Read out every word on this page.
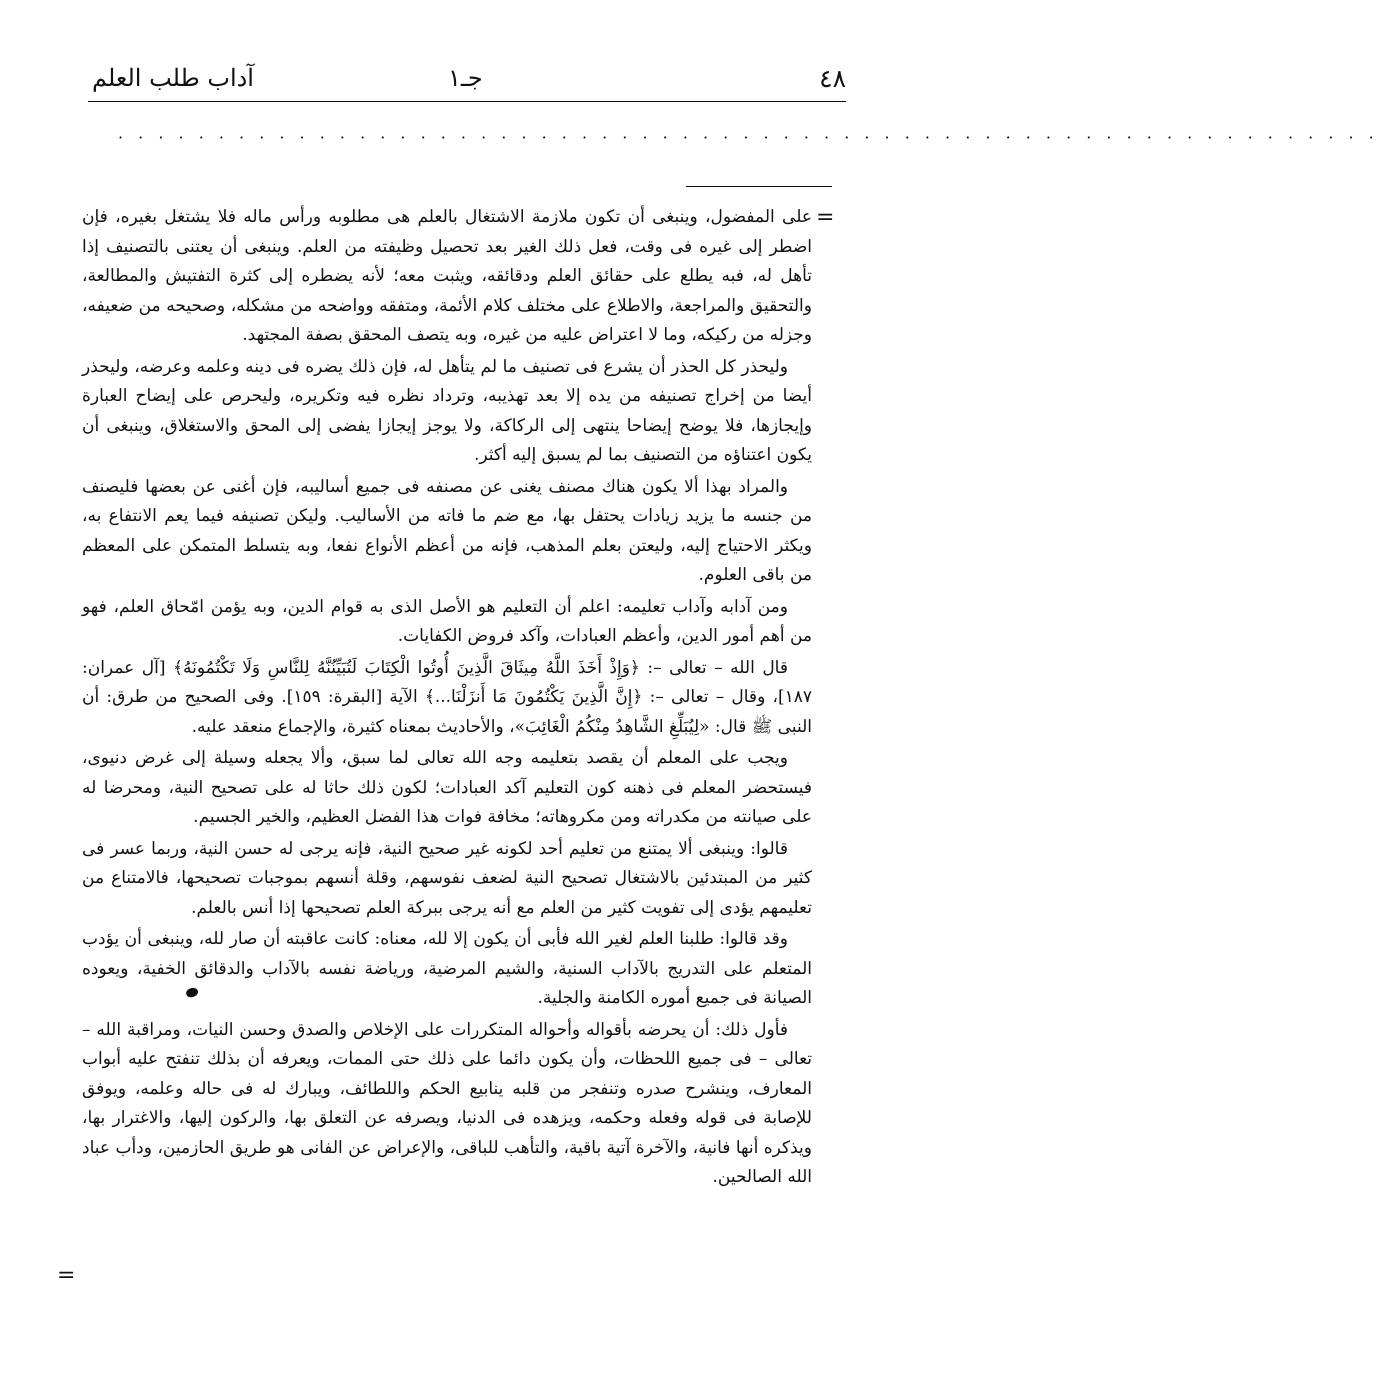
آداب طلب العلم	جـ١	٤٨
· · · · · · · · · · · · · · · · · · · · · · · · · · · · · · · · · · · · · · · · · · · · · · · · · · · · · · · · · · · · · · ·
=
=

على المفضول، وينبغى أن تكون ملازمة الاشتغال بالعلم هى مطلوبه ورأس ماله فلا يشتغل بغيره، فإن اضطر إلى غيره فى وقت، فعل ذلك الغير بعد تحصيل وظيفته من العلم. وينبغى أن يعتنى بالتصنيف إذا تأهل له، فبه يطلع على حقائق العلم ودقائقه، ويثبت معه؛ لأنه يضطره إلى كثرة التفتيش والمطالعة، والتحقيق والمراجعة، والاطلاع على مختلف كلام الأئمة، ومتفقه وواضحه من مشكله، وصحيحه من ضعيفه، وجزله من ركيكه، وما لا اعتراض عليه من غيره، وبه يتصف المحقق بصفة المجتهد.

وليحذر كل الحذر أن يشرع فى تصنيف ما لم يتأهل له، فإن ذلك يضره فى دينه وعلمه وعرضه، وليحذر أيضا من إخراج تصنيفه من يده إلا بعد تهذيبه، وترداد نظره فيه وتكريره، وليحرص على إيضاح العبارة وإيجازها، فلا يوضح إيضاحا ينتهى إلى الركاكة، ولا يوجز إيجازا يفضى إلى المحق والاستغلاق، وينبغى أن يكون اعتناؤه من التصنيف بما لم يسبق إليه أكثر.

والمراد بهذا ألا يكون هناك مصنف يغنى عن مصنفه فى جميع أساليبه، فإن أغنى عن بعضها فليصنف من جنسه ما يزيد زيادات يحتفل بها، مع ضم ما فاته من الأساليب. وليكن تصنيفه فيما يعم الانتفاع به، ويكثر الاحتياج إليه، وليعتن بعلم المذهب، فإنه من أعظم الأنواع نفعا، وبه يتسلط المتمكن على المعظم من باقى العلوم.

ومن آدابه وآداب تعليمه: اعلم أن التعليم هو الأصل الذى به قوام الدين، وبه يؤمن امّحاق العلم، فهو من أهم أمور الدين، وأعظم العبادات، وآكد فروض الكفايات.

قال الله – تعالى –: ﴿وَإِذْ أَخَذَ اللَّهُ مِيثَاقَ الَّذِينَ أُوتُوا الْكِتَابَ لَتُبَيِّنُنَّهُ لِلنَّاسِ وَلَا تَكْتُمُونَهُ﴾ [آل عمران: ١٨٧]، وقال – تعالى –: ﴿إِنَّ الَّذِينَ يَكْتُمُونَ مَا أَنزَلْنَا...﴾ الآية [البقرة: ١٥٩]. وفى الصحيح من طرق: أن النبى ﷺ قال: «لِيُبَلِّغِ الشَّاهِدُ مِنْكُمُ الْغَائِبَ»، والأحاديث بمعناه كثيرة، والإجماع منعقد عليه.

ويجب على المعلم أن يقصد بتعليمه وجه الله تعالى لما سبق، وألا يجعله وسيلة إلى غرض دنيوى، فيستحضر المعلم فى ذهنه كون التعليم آكد العبادات؛ لكون ذلك حاثا له على تصحيح النية، ومحرضا له على صيانته من مكدراته ومن مكروهاته؛ مخافة فوات هذا الفضل العظيم، والخير الجسيم.

قالوا: وينبغى ألا يمتنع من تعليم أحد لكونه غير صحيح النية، فإنه يرجى له حسن النية، وربما عسر فى كثير من المبتدئين بالاشتغال تصحيح النية لضعف نفوسهم، وقلة أنسهم بموجبات تصحيحها، فالامتناع من تعليمهم يؤدى إلى تفويت كثير من العلم مع أنه يرجى ببركة العلم تصحيحها إذا أنس بالعلم.

وقد قالوا: طلبنا العلم لغير الله فأبى أن يكون إلا لله، معناه: كانت عاقبته أن صار لله، وينبغى أن يؤدب المتعلم على التدريج بالآداب السنية، والشيم المرضية، ورياضة نفسه بالآداب والدقائق الخفية، ويعوده الصيانة فى جميع أموره الكامنة والجلية.

فأول ذلك: أن يحرضه بأقواله وأحواله المتكررات على الإخلاص والصدق وحسن النيات، ومراقبة الله – تعالى – فى جميع اللحظات، وأن يكون دائما على ذلك حتى الممات، ويعرفه أن بذلك تنفتح عليه أبواب المعارف، وينشرح صدره وتنفجر من قلبه ينابيع الحكم واللطائف، ويبارك له فى حاله وعلمه، ويوفق للإصابة فى قوله وفعله وحكمه، ويزهده فى الدنيا، ويصرفه عن التعلق بها، والركون إليها، والاغترار بها، ويذكره أنها فانية، والآخرة آتية باقية، والتأهب للباقى، والإعراض عن الفانى هو طريق الحازمين، ودأب عباد الله الصالحين.
